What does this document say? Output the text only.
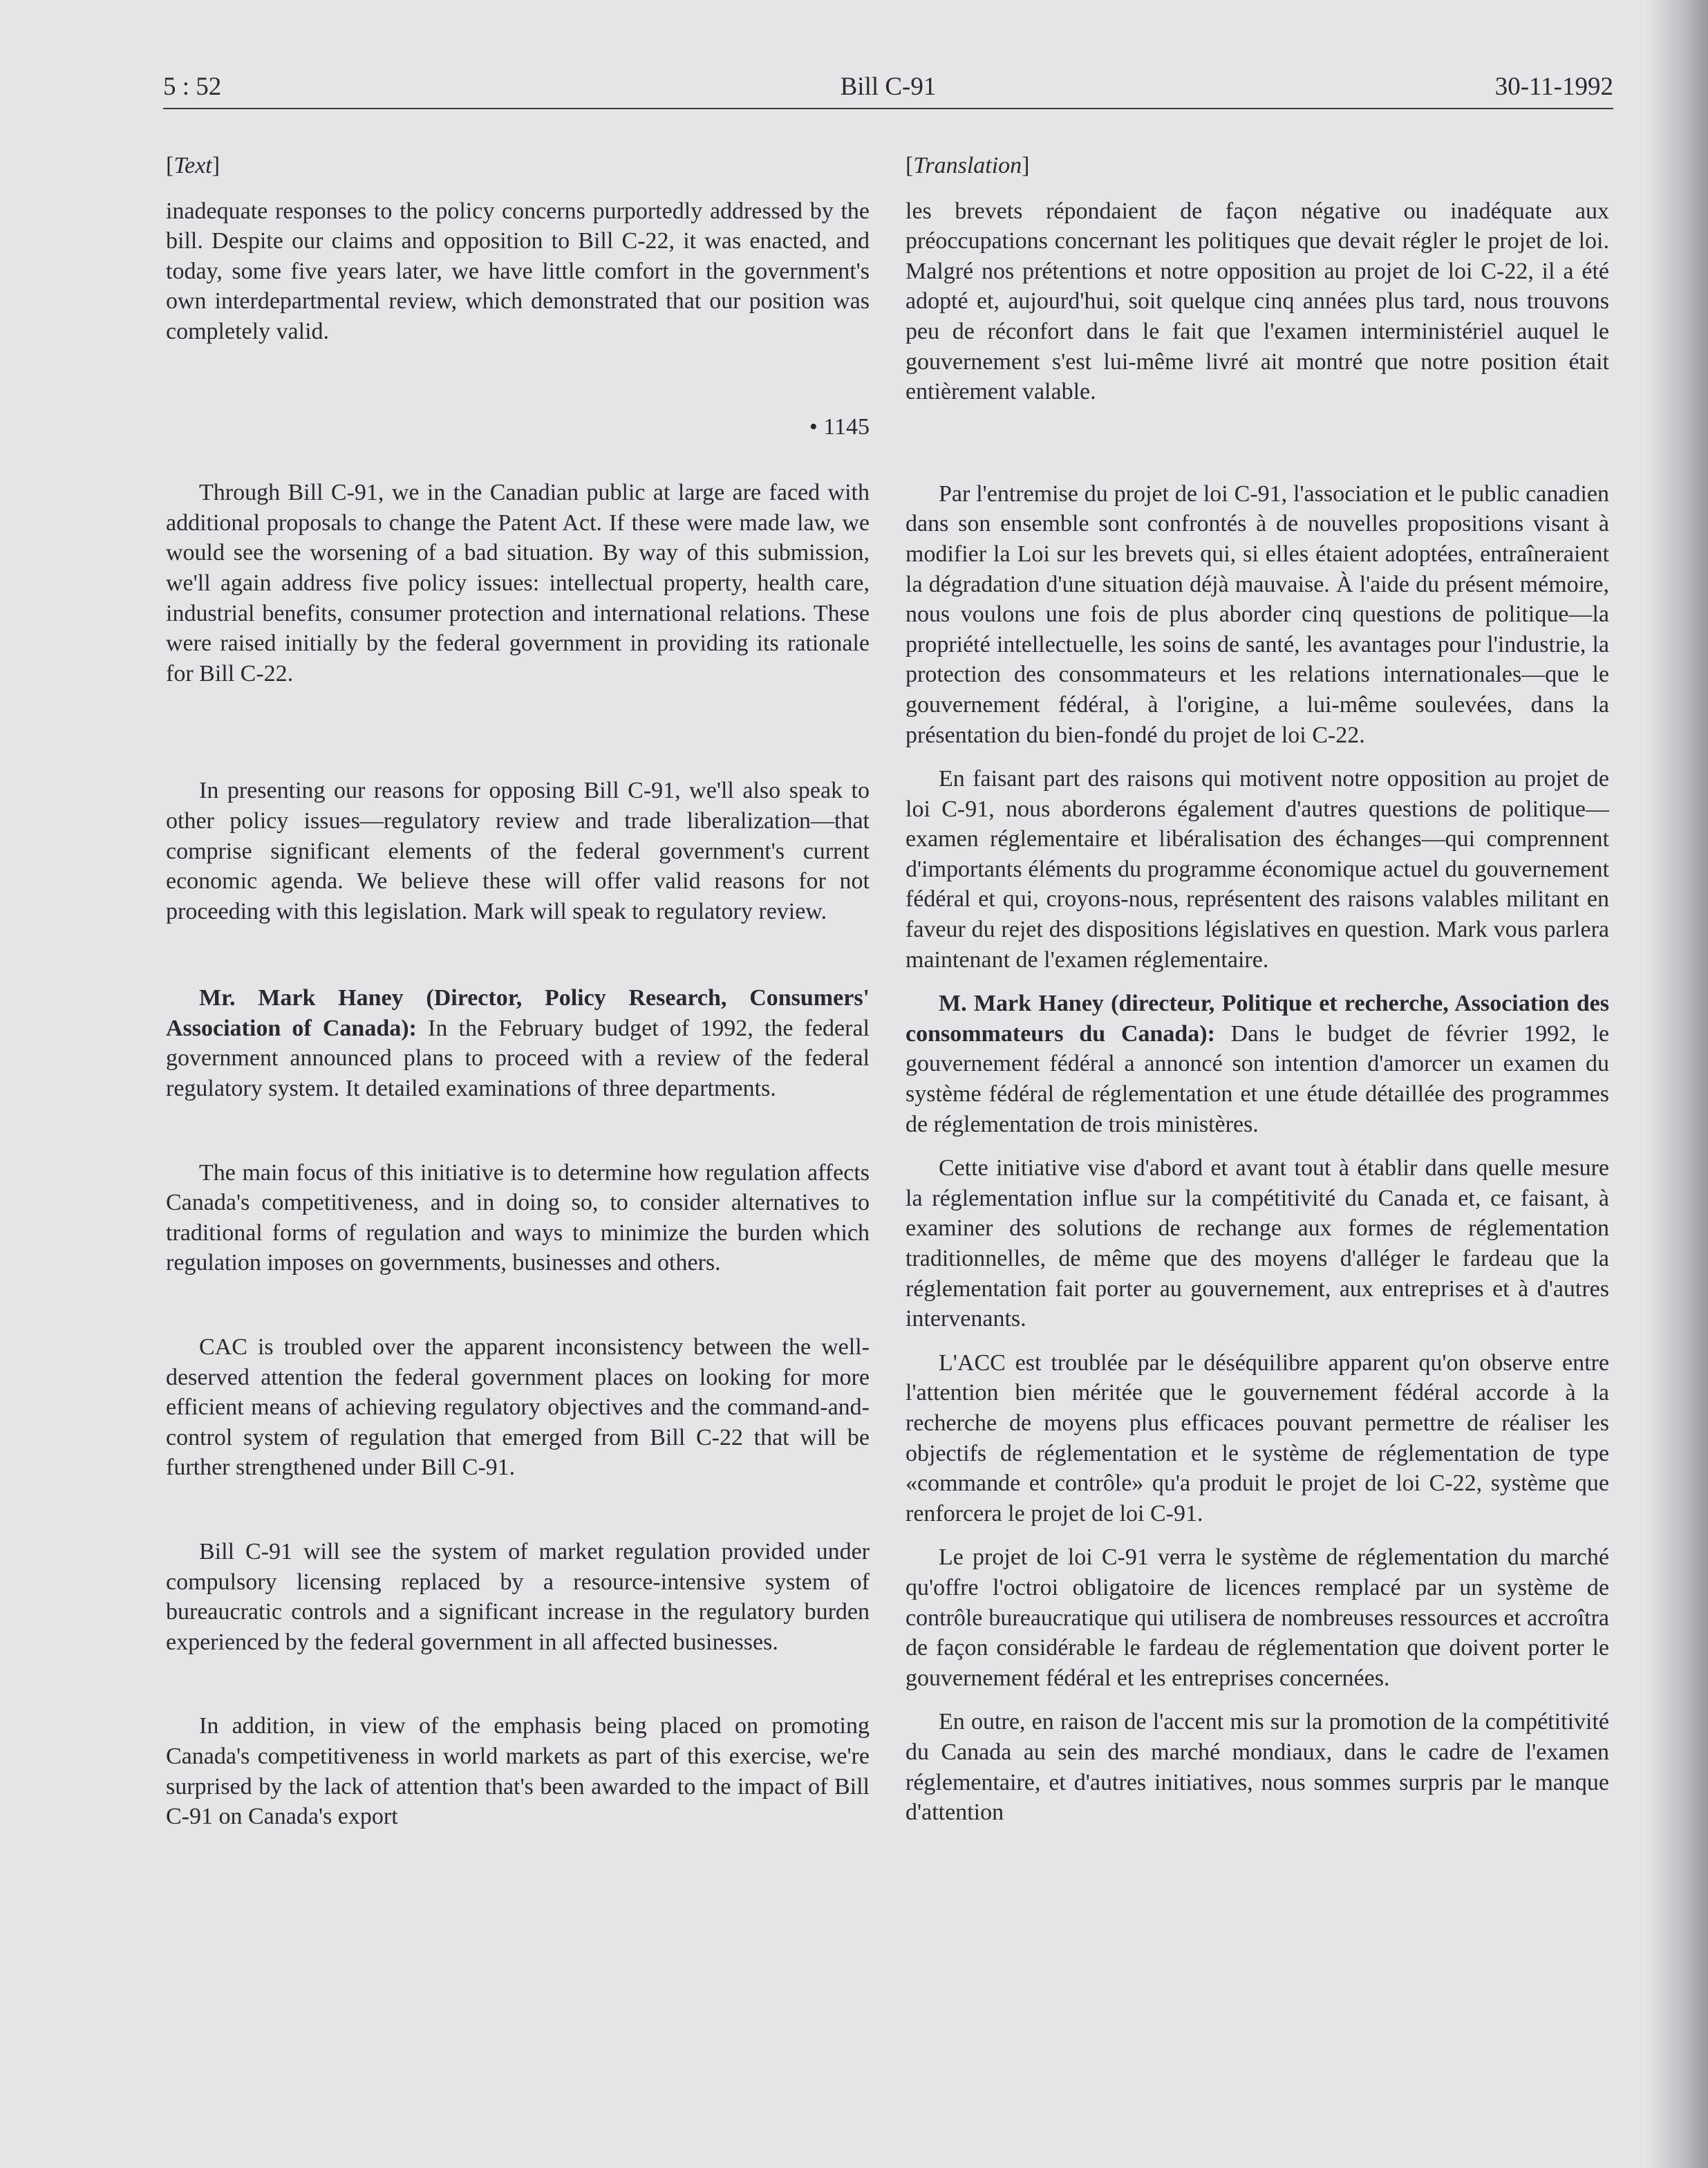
5 : 52	Bill C-91	30-11-1992

[Text]

inadequate responses to the policy concerns purportedly addressed by the bill. Despite our claims and opposition to Bill C-22, it was enacted, and today, some five years later, we have little comfort in the government's own interdepartmental review, which demonstrated that our position was completely valid.

• 1145

Through Bill C-91, we in the Canadian public at large are faced with additional proposals to change the Patent Act. If these were made law, we would see the worsening of a bad situation. By way of this submission, we'll again address five policy issues: intellectual property, health care, industrial benefits, consumer protection and international relations. These were raised initially by the federal government in providing its rationale for Bill C-22.

In presenting our reasons for opposing Bill C-91, we'll also speak to other policy issues—regulatory review and trade liberalization—that comprise significant elements of the federal government's current economic agenda. We believe these will offer valid reasons for not proceeding with this legislation. Mark will speak to regulatory review.

Mr. Mark Haney (Director, Policy Research, Consumers' Association of Canada): In the February budget of 1992, the federal government announced plans to proceed with a review of the federal regulatory system. It detailed examinations of three departments.

The main focus of this initiative is to determine how regulation affects Canada's competitiveness, and in doing so, to consider alternatives to traditional forms of regulation and ways to minimize the burden which regulation imposes on governments, businesses and others.

CAC is troubled over the apparent inconsistency between the well-deserved attention the federal government places on looking for more efficient means of achieving regulatory objectives and the command-and-control system of regulation that emerged from Bill C-22 that will be further strengthened under Bill C-91.

Bill C-91 will see the system of market regulation provided under compulsory licensing replaced by a resource-intensive system of bureaucratic controls and a significant increase in the regulatory burden experienced by the federal government in all affected businesses.

In addition, in view of the emphasis being placed on promoting Canada's competitiveness in world markets as part of this exercise, we're surprised by the lack of attention that's been awarded to the impact of Bill C-91 on Canada's export

[Translation]

les brevets répondaient de façon négative ou inadéquate aux préoccupations concernant les politiques que devait régler le projet de loi. Malgré nos prétentions et notre opposition au projet de loi C-22, il a été adopté et, aujourd'hui, soit quelque cinq années plus tard, nous trouvons peu de réconfort dans le fait que l'examen interministériel auquel le gouvernement s'est lui-même livré ait montré que notre position était entièrement valable.

Par l'entremise du projet de loi C-91, l'association et le public canadien dans son ensemble sont confrontés à de nouvelles propositions visant à modifier la Loi sur les brevets qui, si elles étaient adoptées, entraîneraient la dégradation d'une situation déjà mauvaise. À l'aide du présent mémoire, nous voulons une fois de plus aborder cinq questions de politique—la propriété intellectuelle, les soins de santé, les avantages pour l'industrie, la protection des consommateurs et les relations internationales—que le gouvernement fédéral, à l'origine, a lui-même soulevées, dans la présentation du bien-fondé du projet de loi C-22.

En faisant part des raisons qui motivent notre opposition au projet de loi C-91, nous aborderons également d'autres questions de politique—examen réglementaire et libéralisation des échanges—qui comprennent d'importants éléments du programme économique actuel du gouvernement fédéral et qui, croyons-nous, représentent des raisons valables militant en faveur du rejet des dispositions législatives en question. Mark vous parlera maintenant de l'examen réglementaire.

M. Mark Haney (directeur, Politique et recherche, Association des consommateurs du Canada): Dans le budget de février 1992, le gouvernement fédéral a annoncé son intention d'amorcer un examen du système fédéral de réglementation et une étude détaillée des programmes de réglementation de trois ministères.

Cette initiative vise d'abord et avant tout à établir dans quelle mesure la réglementation influe sur la compétitivité du Canada et, ce faisant, à examiner des solutions de rechange aux formes de réglementation traditionnelles, de même que des moyens d'alléger le fardeau que la réglementation fait porter au gouvernement, aux entreprises et à d'autres intervenants.

L'ACC est troublée par le déséquilibre apparent qu'on observe entre l'attention bien méritée que le gouvernement fédéral accorde à la recherche de moyens plus efficaces pouvant permettre de réaliser les objectifs de réglementation et le système de réglementation de type «commande et contrôle» qu'a produit le projet de loi C-22, système que renforcera le projet de loi C-91.

Le projet de loi C-91 verra le système de réglementation du marché qu'offre l'octroi obligatoire de licences remplacé par un système de contrôle bureaucratique qui utilisera de nombreuses ressources et accroîtra de façon considérable le fardeau de réglementation que doivent porter le gouvernement fédéral et les entreprises concernées.

En outre, en raison de l'accent mis sur la promotion de la compétitivité du Canada au sein des marché mondiaux, dans le cadre de l'examen réglementaire, et d'autres initiatives, nous sommes surpris par le manque d'attention
